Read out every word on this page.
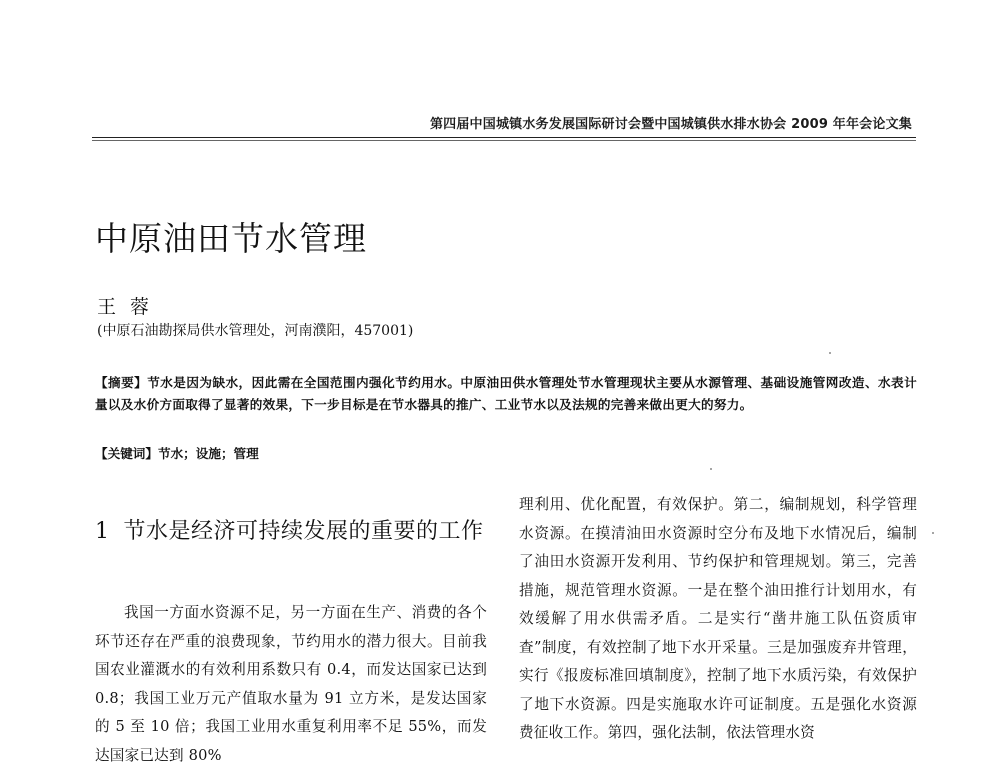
第四届中国城镇水务发展国际研讨会暨中国城镇供水排水协会 2009 年年会论文集
中原油田节水管理
王蓉
(中原石油勘探局供水管理处，河南濮阳，457001)
【摘要】节水是因为缺水，因此需在全国范围内强化节约用水。中原油田供水管理处节水管理现状主要从水源管理、基础设施管网改造、水表计量以及水价方面取得了显著的效果，下一步目标是在节水器具的推广、工业节水以及法规的完善来做出更大的努力。
【关键词】节水；设施；管理
1 节水是经济可持续发展的重要的工作
我国一方面水资源不足，另一方面在生产、消费的各个环节还存在严重的浪费现象，节约用水的潜力很大。目前我国农业灌溉水的有效利用系数只有 0.4，而发达国家已达到 0.8；我国工业万元产值取水量为 91 立方米，是发达国家的 5 至 10 倍；我国工业用水重复利用率不足 55%，而发达国家已达到 80%
理利用、优化配置，有效保护。第二，编制规划，科学管理水资源。在摸清油田水资源时空分布及地下水情况后，编制了油田水资源开发利用、节约保护和管理规划。第三，完善措施，规范管理水资源。一是在整个油田推行计划用水，有效缓解了用水供需矛盾。二是实行“凿井施工队伍资质审查”制度，有效控制了地下水开采量。三是加强废弃井管理，实行《报废标准回填制度》，控制了地下水质污染，有效保护了地下水资源。四是实施取水许可证制度。五是强化水资源费征收工作。第四，强化法制，依法管理水资
